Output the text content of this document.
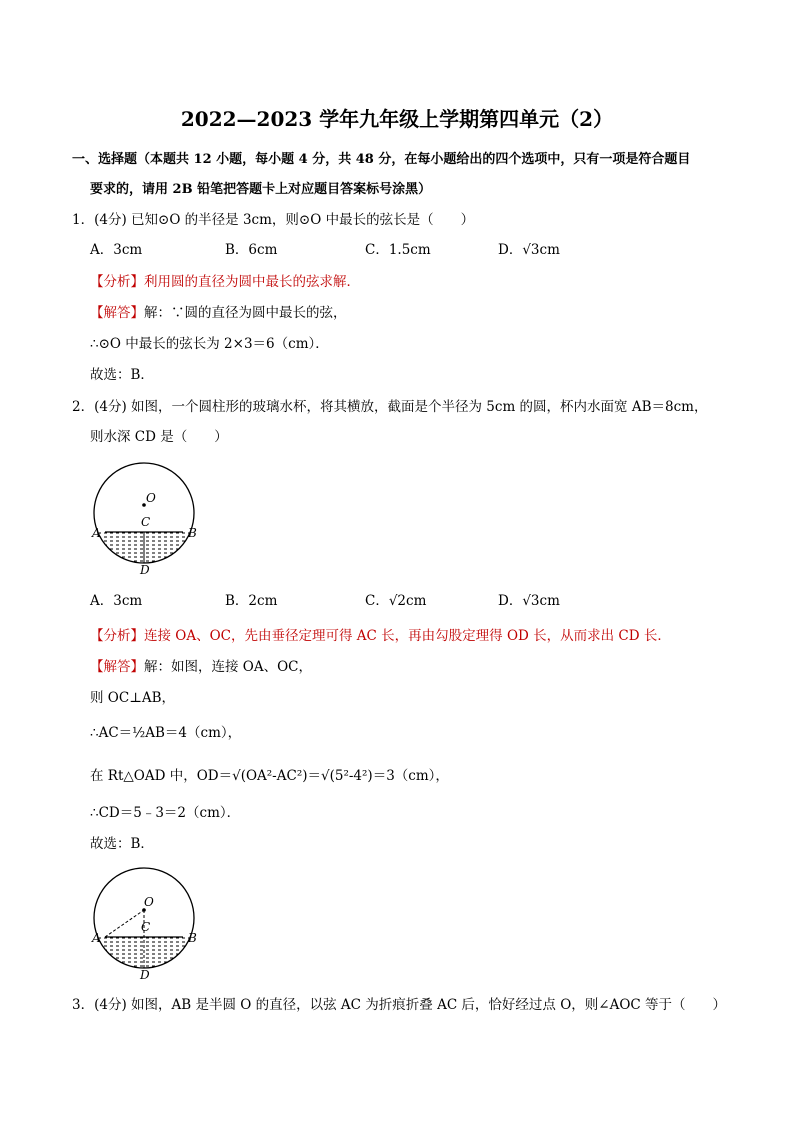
2022—2023 学年九年级上学期第四单元（2）
一、选择题（本题共 12 小题，每小题 4 分，共 48 分，在每小题给出的四个选项中，只有一项是符合题目
要求的，请用 2B 铅笔把答题卡上对应题目答案标号涂黑）
1．(4分) 已知⊙O 的半径是 3cm，则⊙O 中最长的弦长是（　　）
A．3cm	B．6cm	C．1.5cm	D．√3cm
【分析】利用圆的直径为圆中最长的弦求解．
【解答】解：∵圆的直径为圆中最长的弦，
∴⊙O 中最长的弦长为 2×3＝6（cm）．
故选：B．
2．(4分) 如图，一个圆柱形的玻璃水杯，将其横放，截面是个半径为 5cm 的圆，杯内水面宽 AB＝8cm，
则水深 CD 是（　　）
O
C
A	B
D
A．3cm	B．2cm	C．√2cm	D．√3cm
【分析】连接 OA、OC，先由垂径定理可得 AC 长，再由勾股定理得 OD 长，从而求出 CD 长．
【解答】解：如图，连接 OA、OC，
则 OC⊥AB，
∴AC＝½AB＝4（cm），
在 Rt△OAD 中，OD＝√(OA²-AC²)＝√(5²-4²)＝3（cm），
∴CD＝5﹣3＝2（cm）．
故选：B．
O
C
A	B
D
3．(4分) 如图，AB 是半圆 O 的直径，以弦 AC 为折痕折叠 AC 后，恰好经过点 O，则∠AOC 等于（　　）
